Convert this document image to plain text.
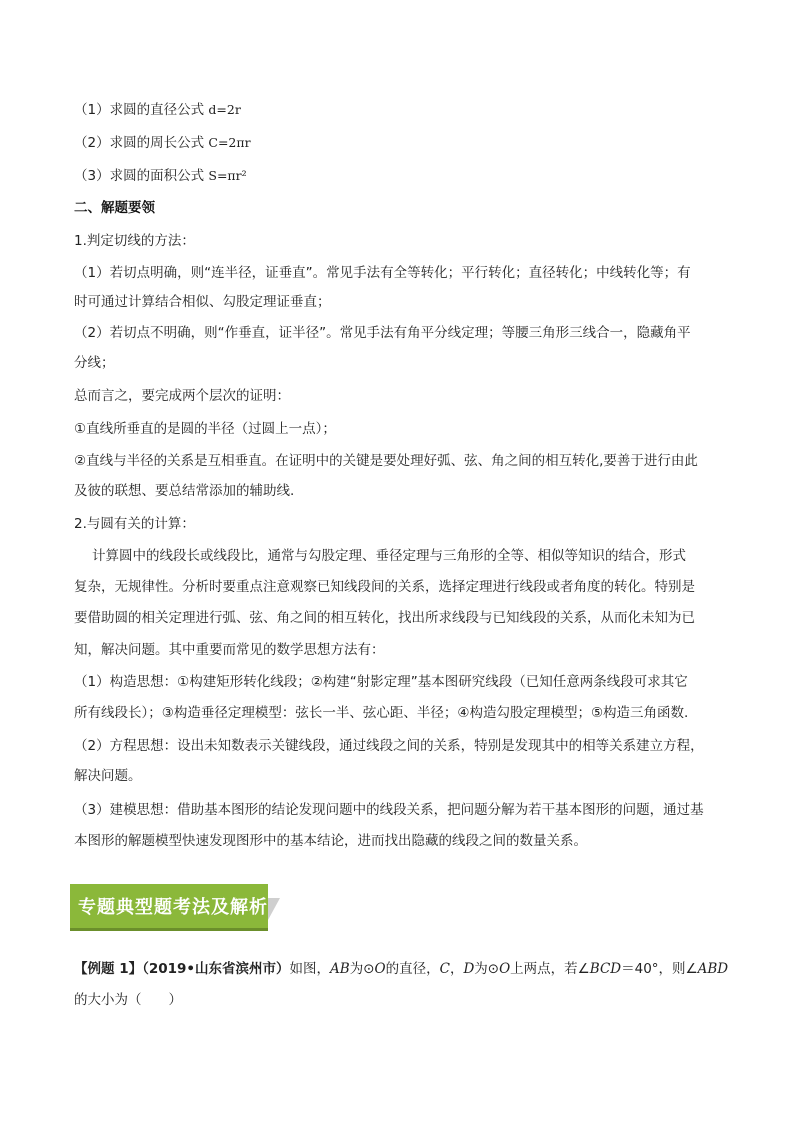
（1）求圆的直径公式 d=2r
（2）求圆的周长公式 C=2πr
（3）求圆的面积公式 S=πr²
二、解题要领
1.判定切线的方法：
（1）若切点明确，则“连半径，证垂直”。常见手法有全等转化；平行转化；直径转化；中线转化等；有
时可通过计算结合相似、勾股定理证垂直；
（2）若切点不明确，则“作垂直，证半径”。常见手法有角平分线定理；等腰三角形三线合一，隐藏角平
分线；
总而言之，要完成两个层次的证明：
①直线所垂直的是圆的半径（过圆上一点）；
②直线与半径的关系是互相垂直。在证明中的关键是要处理好弧、弦、角之间的相互转化,要善于进行由此
及彼的联想、要总结常添加的辅助线.
2.与圆有关的计算：
计算圆中的线段长或线段比，通常与勾股定理、垂径定理与三角形的全等、相似等知识的结合，形式
复杂，无规律性。分析时要重点注意观察已知线段间的关系，选择定理进行线段或者角度的转化。特别是
要借助圆的相关定理进行弧、弦、角之间的相互转化，找出所求线段与已知线段的关系，从而化未知为已
知，解决问题。其中重要而常见的数学思想方法有：
（1）构造思想：①构建矩形转化线段；②构建“射影定理”基本图研究线段（已知任意两条线段可求其它
所有线段长）；③构造垂径定理模型：弦长一半、弦心距、半径；④构造勾股定理模型；⑤构造三角函数.
（2）方程思想：设出未知数表示关键线段，通过线段之间的关系，特别是发现其中的相等关系建立方程，
解决问题。
（3）建模思想：借助基本图形的结论发现问题中的线段关系，把问题分解为若干基本图形的问题，通过基
本图形的解题模型快速发现图形中的基本结论，进而找出隐藏的线段之间的数量关系。
专题典型题考法及解析
【例题 1】（2019•山东省滨州市）如图，AB为⊙O的直径，C，D为⊙O上两点，若∠BCD＝40°，则∠ABD
的大小为（　　）
